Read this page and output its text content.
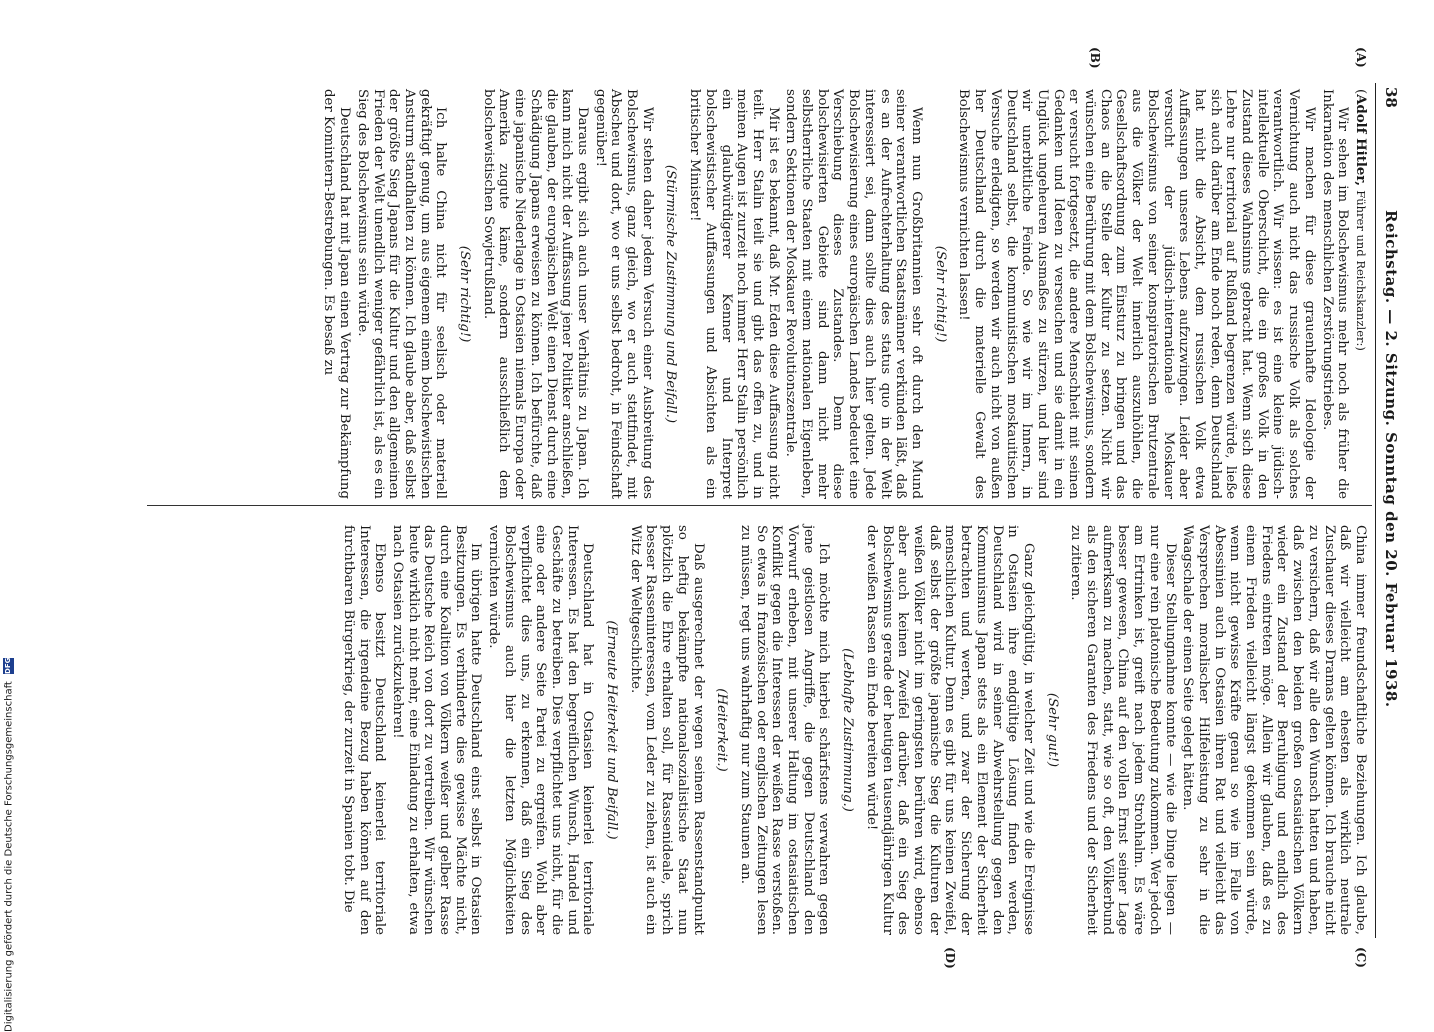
38
Reichstag. — 2. Sitzung. Sonntag den 20. Februar 1938.
(A)
(B)
(C)
(D)

(Adolf Hitler, Führer und Reichskanzler:)

Wir sehen im Bolschewismus mehr noch als früher die Inkarnation des menschlichen Zerstörungstriebes.

Wir machen für diese grauenhafte Ideologie der Vernichtung auch nicht das russische Volk als solches verantwortlich. Wir wissen: es ist eine kleine jüdisch-intellektuelle Oberschicht, die ein großes Volk in den Zustand dieses Wahnsinns gebracht hat. Wenn sich diese Lehre nur territorial auf Rußland begrenzen würde, ließe sich auch darüber am Ende noch reden, denn Deutschland hat nicht die Absicht, dem russischen Volk etwa Auffassungen unseres Lebens aufzuzwingen. Leider aber versucht der jüdisch-internationale Moskauer Bolschewismus von seiner konspiratorischen Brutzentrale aus die Völker der Welt innerlich auszuhöhlen, die Gesellschaftsordnung zum Einsturz zu bringen und das Chaos an die Stelle der Kultur zu setzen. Nicht wir wünschen eine Berührung mit dem Bolschewismus, sondern er versucht fortgesetzt, die andere Menschheit mit seinen Gedanken und Ideen zu verseuchen und sie damit in ein Unglück ungeheuren Ausmaßes zu stürzen, und hier sind wir unerbittliche Feinde. So wie wir im Innern, in Deutschland selbst, die kommunistischen moskauitischen Versuche erledigten, so werden wir auch nicht von außen her Deutschland durch die materielle Gewalt des Bolschewismus vernichten lassen!

(Sehr richtig!)

Wenn nun Großbritannien sehr oft durch den Mund seiner verantwortlichen Staatsmänner verkünden läßt, daß es an der Aufrechterhaltung des status quo in der Welt interessiert sei, dann sollte dies auch hier gelten. Jede Bolschewisierung eines europäischen Landes bedeutet eine Verschiebung dieses Zustandes. Denn diese bolschewisierten Gebiete sind dann nicht mehr selbstherrliche Staaten mit einem nationalen Eigenleben, sondern Sektionen der Moskauer Revolutionszentrale.

Mir ist es bekannt, daß Mr. Eden diese Auffassung nicht teilt. Herr Stalin teilt sie und gibt das offen zu, und in meinen Augen ist zurzeit noch immer Herr Stalin persönlich ein glaubwürdigerer Kenner und Interpret bolschewistischer Auffassungen und Absichten als ein britischer Minister!

(Stürmische Zustimmung und Beifall.)

Wir stehen daher jedem Versuch einer Ausbreitung des Bolschewismus, ganz gleich, wo er auch stattfindet, mit Abscheu und dort, wo er uns selbst bedroht, in Feindschaft gegenüber!

Daraus ergibt sich auch unser Verhältnis zu Japan. Ich kann mich nicht der Auffassung jener Politiker anschließen, die glauben, der europäischen Welt einen Dienst durch eine Schädigung Japans erweisen zu können. Ich befürchte, daß eine japanische Niederlage in Ostasien niemals Europa oder Amerika zugute käme, sondern ausschließlich dem bolschewistischen Sowjetrußland.

(Sehr richtig!)

Ich halte China nicht für seelisch oder materiell gekräftigt genug, um aus eigenem einem bolschewistischen Ansturm standhalten zu können. Ich glaube aber, daß selbst der größte Sieg Japans für die Kultur und den allgemeinen Frieden der Welt unendlich weniger gefährlich ist, als es ein Sieg des Bolschewismus sein würde.

Deutschland hat mit Japan einen Vertrag zur Bekämpfung der Komintern-Bestrebungen. Es besaß zu

China immer freundschaftliche Beziehungen. Ich glaube, daß wir vielleicht am ehesten als wirklich neutrale Zuschauer dieses Dramas gelten können. Ich brauche nicht zu versichern, daß wir alle den Wunsch hatten und haben, daß zwischen den beiden großen ostasiatischen Völkern wieder ein Zustand der Beruhigung und endlich des Friedens eintreten möge. Allein wir glauben, daß es zu einem Frieden vielleicht längst gekommen sein würde, wenn nicht gewisse Kräfte genau so wie im Falle von Abessinien auch in Ostasien ihren Rat und vielleicht das Versprechen moralischer Hilfeleistung zu sehr in die Waagschale der einen Seite gelegt hätten.

Dieser Stellungnahme konnte — wie die Dinge liegen — nur eine rein platonische Bedeutung zukommen. Wer jedoch am Ertrinken ist, greift nach jedem Strohhalm. Es wäre besser gewesen, China auf den vollen Ernst seiner Lage aufmerksam zu machen, statt, wie so oft, den Völkerbund als den sicheren Garanten des Friedens und der Sicherheit zu zitieren.

(Sehr gut!)

Ganz gleichgültig, in welcher Zeit und wie die Ereignisse in Ostasien ihre endgültige Lösung finden werden, Deutschland wird in seiner Abwehrstellung gegen den Kommunismus Japan stets als ein Element der Sicherheit betrachten und werten, und zwar der Sicherung der menschlichen Kultur. Denn es gibt für uns keinen Zweifel, daß selbst der größte japanische Sieg die Kulturen der weißen Völker nicht im geringsten berühren wird, ebenso aber auch keinen Zweifel darüber, daß ein Sieg des Bolschewismus gerade der heutigen tausendjährigen Kultur der weißen Rassen ein Ende bereiten würde!

(Lebhafte Zustimmung.)

Ich möchte mich hierbei schärfstens verwahren gegen jene geistlosen Angriffe, die gegen Deutschland den Vorwurf erheben, mit unserer Haltung im ostasiatischen Konflikt gegen die Interessen der weißen Rasse verstoßen. So etwas in französischen oder englischen Zeitungen lesen zu müssen, regt uns wahrhaftig nur zum Staunen an.

(Heiterkeit.)

Daß ausgerechnet der wegen seinem Rassenstandpunkt so heftig bekämpfte nationalsozialistische Staat nun plötzlich die Ehre erhalten soll, für Rassenideale, sprich besser Rasseninteressen, vom Leder zu ziehen, ist auch ein Witz der Weltgeschichte.

(Erneute Heiterkeit und Beifall.)

Deutschland hat in Ostasien keinerlei territoriale Interessen. Es hat den begreiflichen Wunsch, Handel und Geschäfte zu betreiben. Dies verpflichtet uns nicht, für die eine oder andere Seite Partei zu ergreifen. Wohl aber verpflichtet dies uns, zu erkennen, daß ein Sieg des Bolschewismus auch hier die letzten Möglichkeiten vernichten würde.

Im übrigen hatte Deutschland einst selbst in Ostasien Besitzungen. Es verhinderte dies gewisse Mächte nicht, durch eine Koalition von Völkern weißer und gelber Rasse das Deutsche Reich von dort zu vertreiben. Wir wünschen heute wirklich nicht mehr, eine Einladung zu erhalten, etwa nach Ostasien zurückzukehren!

Ebenso besitzt Deutschland keinerlei territoriale Interessen, die irgendeine Bezug haben können auf den furchtbaren Bürgerkrieg, der zurzeit in Spanien tobt. Die

Digitalisierung gefördert durch die Deutsche Forschungsgemeinschaft DFG
